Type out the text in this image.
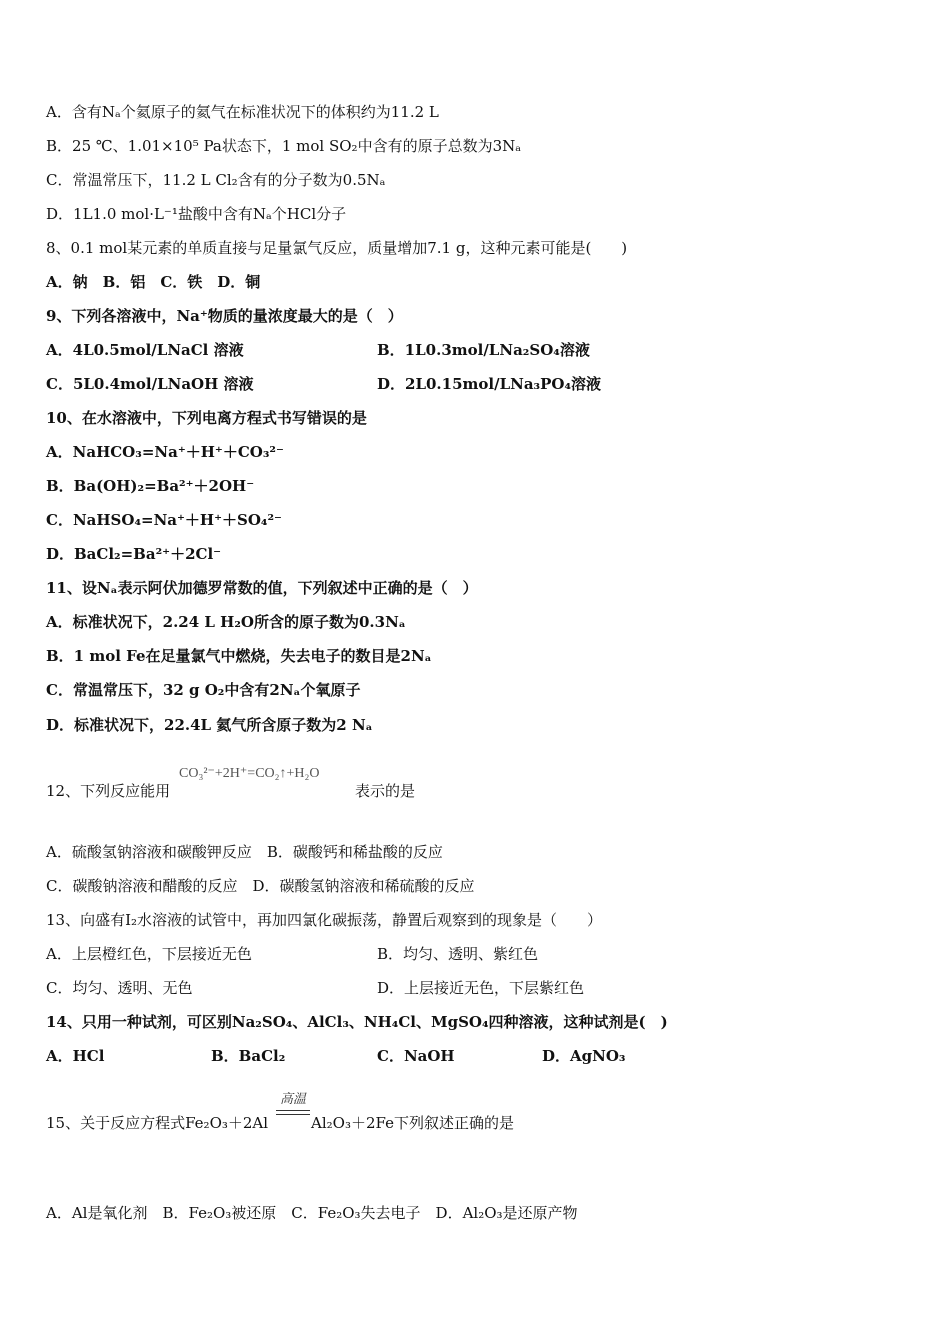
A．含有Nₐ个氦原子的氦气在标准状况下的体积约为11.2 L
B．25 ℃、1.01×10⁵ Pa状态下，1 mol SO₂中含有的原子总数为3Nₐ
C．常温常压下，11.2 L Cl₂含有的分子数为0.5Nₐ
D．1L1.0 mol·L⁻¹盐酸中含有Nₐ个HCl分子
8、0.1 mol某元素的单质直接与足量氯气反应，质量增加7.1 g，这种元素可能是(　　)
A．钠　B．铝　C．铁　D．铜
9、下列各溶液中，Na⁺物质的量浓度最大的是（　）
A．4L0.5mol/LNaCl 溶液	B．1L0.3mol/LNa₂SO₄溶液
C．5L0.4mol/LNaOH 溶液	D．2L0.15mol/LNa₃PO₄溶液
10、在水溶液中，下列电离方程式书写错误的是
A．NaHCO₃=Na⁺＋H⁺＋CO₃²⁻
B．Ba(OH)₂=Ba²⁺＋2OH⁻
C．NaHSO₄=Na⁺＋H⁺＋SO₄²⁻
D．BaCl₂=Ba²⁺＋2Cl⁻
11、设Nₐ表示阿伏加德罗常数的值，下列叙述中正确的是（　）
A．标准状况下，2.24 L H₂O所含的原子数为0.3Nₐ
B．1 mol Fe在足量氯气中燃烧，失去电子的数目是2Nₐ
C．常温常压下，32 g O₂中含有2Nₐ个氧原子
D．标准状况下，22.4L 氦气所含原子数为2 Nₐ
12、下列反应能用
CO₃²⁻+2H⁺=CO₂↑+H₂O
表示的是
A．硫酸氢钠溶液和碳酸钾反应　B．碳酸钙和稀盐酸的反应
C．碳酸钠溶液和醋酸的反应　D．碳酸氢钠溶液和稀硫酸的反应
13、向盛有I₂水溶液的试管中，再加四氯化碳振荡，静置后观察到的现象是（　　）
A．上层橙红色，下层接近无色	B．均匀、透明、紫红色
C．均匀、透明、无色	D．上层接近无色，下层紫红色
14、只用一种试剂，可区别Na₂SO₄、AlCl₃、NH₄Cl、MgSO₄四种溶液，这种试剂是(　)
A．HCl	B．BaCl₂	C．NaOH	D．AgNO₃
15、关于反应方程式Fe₂O₃＋2Al
高温
Al₂O₃＋2Fe下列叙述正确的是
A．Al是氧化剂　B．Fe₂O₃被还原　C．Fe₂O₃失去电子　D．Al₂O₃是还原产物
